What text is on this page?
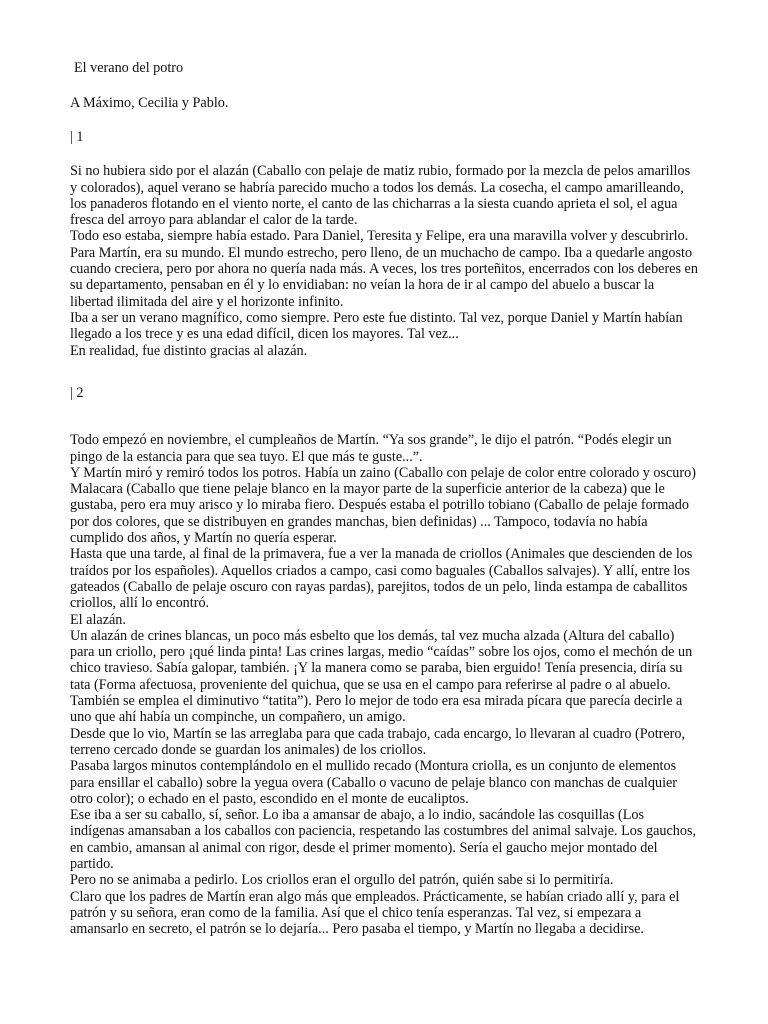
El verano del potro

A Máximo, Cecilia y Pablo.

| 1

Si no hubiera sido por el alazán (Caballo con pelaje de matiz rubio, formado por la mezcla de pelos amarillos y colorados), aquel verano se habría parecido mucho a todos los demás. La cosecha, el campo amarilleando, los panaderos flotando en el viento norte, el canto de las chicharras a la siesta cuando aprieta el sol, el agua fresca del arroyo para ablandar el calor de la tarde.

Todo eso estaba, siempre había estado. Para Daniel, Teresita y Felipe, era una maravilla volver y descubrirlo.

Para Martín, era su mundo. El mundo estrecho, pero lleno, de un muchacho de campo. Iba a quedarle angosto cuando creciera, pero por ahora no quería nada más. A veces, los tres porteñitos, encerrados con los deberes en su departamento, pensaban en él y lo envidiaban: no veían la hora de ir al campo del abuelo a buscar la libertad ilimitada del aire y el horizonte infinito.

Iba a ser un verano magnífico, como siempre. Pero este fue distinto. Tal vez, porque Daniel y Martín habían llegado a los trece y es una edad difícil, dicen los mayores. Tal vez...

En realidad, fue distinto gracias al alazán.

| 2

Todo empezó en noviembre, el cumpleaños de Martín. “Ya sos grande”, le dijo el patrón. “Podés elegir un pingo de la estancia para que sea tuyo. El que más te guste...”.

Y Martín miró y remiró todos los potros. Había un zaino (Caballo con pelaje de color entre colorado y oscuro)

Malacara (Caballo que tiene pelaje blanco en la mayor parte de la superficie anterior de la cabeza) que le gustaba, pero era muy arisco y lo miraba fiero. Después estaba el potrillo tobiano (Caballo de pelaje formado por dos colores, que se distribuyen en grandes manchas, bien definidas) ... Tampoco, todavía no había cumplido dos años, y Martín no quería esperar.

Hasta que una tarde, al final de la primavera, fue a ver la manada de criollos (Animales que descienden de los traídos por los españoles). Aquellos criados a campo, casi como baguales (Caballos salvajes). Y allí, entre los gateados (Caballo de pelaje oscuro con rayas pardas), parejitos, todos de un pelo, linda estampa de caballitos criollos, allí lo encontró.

El alazán.

Un alazán de crines blancas, un poco más esbelto que los demás, tal vez mucha alzada (Altura del caballo) para un criollo, pero ¡qué linda pinta! Las crines largas, medio “caídas” sobre los ojos, como el mechón de un chico travieso. Sabía galopar, también. ¡Y la manera como se paraba, bien erguido! Tenía presencia, diría su tata (Forma afectuosa, proveniente del quichua, que se usa en el campo para referirse al padre o al abuelo. También se emplea el diminutivo “tatita”). Pero lo mejor de todo era esa mirada pícara que parecía decirle a uno que ahí había un compinche, un compañero, un amigo.

Desde que lo vio, Martín se las arreglaba para que cada trabajo, cada encargo, lo llevaran al cuadro (Potrero, terreno cercado donde se guardan los animales) de los criollos.

Pasaba largos minutos contemplándolo en el mullido recado (Montura criolla, es un conjunto de elementos para ensillar el caballo) sobre la yegua overa (Caballo o vacuno de pelaje blanco con manchas de cualquier otro color); o echado en el pasto, escondido en el monte de eucaliptos.

Ese iba a ser su caballo, sí, señor. Lo iba a amansar de abajo, a lo indio, sacándole las cosquillas (Los indígenas amansaban a los caballos con paciencia, respetando las costumbres del animal salvaje. Los gauchos, en cambio, amansan al animal con rigor, desde el primer momento). Sería el gaucho mejor montado del partido.

Pero no se animaba a pedirlo. Los criollos eran el orgullo del patrón, quién sabe si lo permitiría.

Claro que los padres de Martín eran algo más que empleados. Prácticamente, se habían criado allí y, para el patrón y su señora, eran como de la familia. Así que el chico tenía esperanzas. Tal vez, si empezara a amansarlo en secreto, el patrón se lo dejaría... Pero pasaba el tiempo, y Martín no llegaba a decidirse.
